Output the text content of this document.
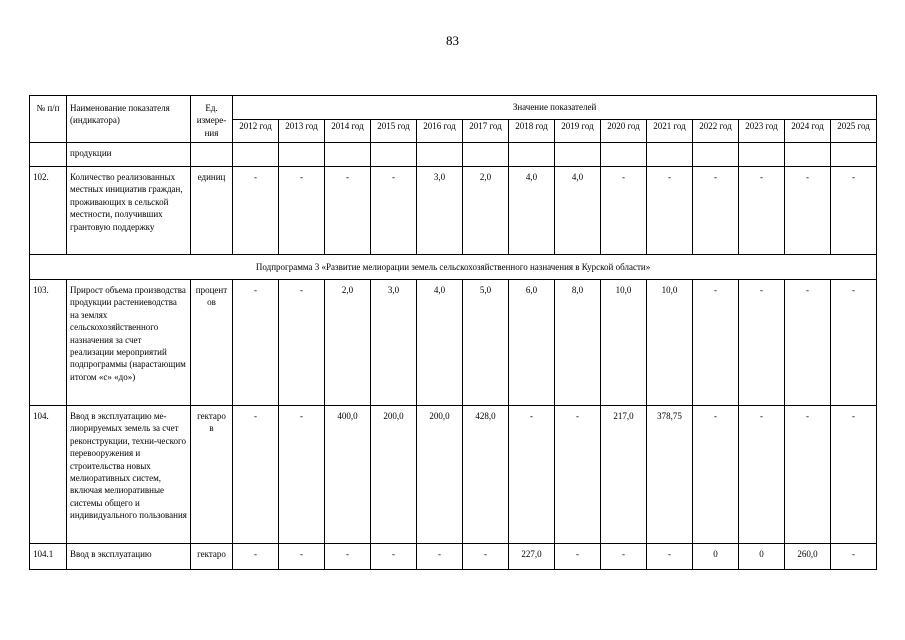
83
№ п/п	Наименование показателя (индикатора)	Ед. измере-ния	Значение показателей													
			2012 год	2013 год	2014 год	2015 год	2016 год	2017 год	2018 год	2019 год	2020 год	2021 год	2022 год	2023 год	2024 год	2025 год
	продукции															
102.	Количество реализованных местных инициатив граждан, проживающих в сельской местности, получивших грантовую поддержку	единиц	-	-	-	-	3,0	2,0	4,0	4,0	-	-	-	-	-	-
Подпрограмма 3 «Развитие мелиорации земель сельскохозяйственного назначения в Курской области»																
103.	Прирост объема производства продукции растениеводства на землях сельскохозяйственного назначения за счет реализации мероприятий подпрограммы (нарастающим итогом «с» «до»)	процент ов	-	-	2,0	3,0	4,0	5,0	6,0	8,0	10,0	10,0	-	-	-	-
104.	Ввод в эксплуатацию ме-лиорируемых земель за счет реконструкции, техни-ческого перевооружения и строительства новых мелиоративных систем, включая мелиоративные системы общего и индивидуального пользования	гектаро в	-	-	400,0	200,0	200,0	428,0	-	-	217,0	378,75	-	-	-	-
104.1	Ввод в эксплуатацию	гектаро	-	-	-	-	-	-	227,0	-	-	-	0	0	260,0	-
